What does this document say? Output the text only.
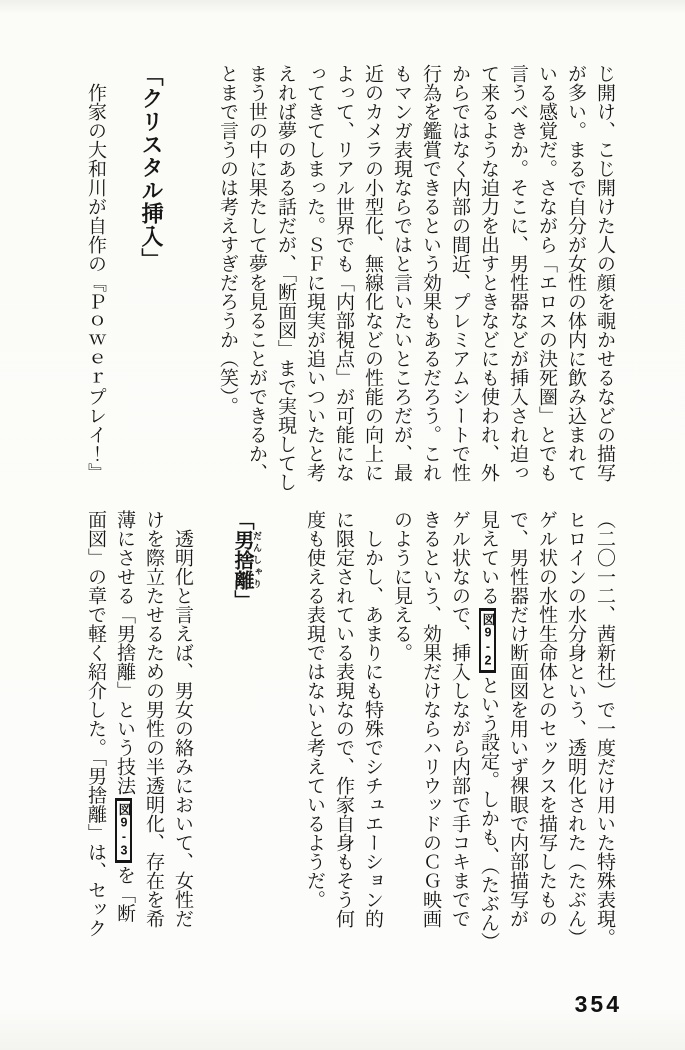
じ開け、こじ開けた人の顔を覗かせるなどの描写

が多い。まるで自分が女性の体内に飲み込まれて

いる感覚だ。さながら「エロスの決死圏」とでも

言うべきか。そこに、男性器などが挿入され迫っ

て来るような迫力を出すときなどにも使われ、外

からではなく内部の間近、プレミアムシートで性

行為を鑑賞できるという効果もあるだろう。これ

もマンガ表現ならではと言いたいところだが、最

近のカメラの小型化、無線化などの性能の向上に

よって、リアル世界でも「内部視点」が可能にな

ってきてしまった。ＳＦに現実が追いついたと考

えれば夢のある話だが、「断面図」まで実現してし

まう世の中に果たして夢を見ることができるか、

とまで言うのは考えすぎだろうか（笑）。

「クリスタル挿入」

作家の大和川が自作の『Ｐｏｗｅｒプレイ！』

（二〇一二、茜新社）で一度だけ用いた特殊表現。

ヒロインの水分身という、透明化された（たぶん）

ゲル状の水性生命体とのセックスを描写したもの

で、男性器だけ断面図を用いず裸眼で内部描写が

見えている図9-2という設定。しかも、（たぶん）

ゲル状なので、挿入しながら内部で手コキまでで

きるという、効果だけならハリウッドのＣＧ映画

のように見える。

しかし、あまりにも特殊でシチュエーション的

に限定されている表現なので、作家自身もそう何

度も使える表現ではないと考えているようだ。

「男捨離 だんしゃり」

透明化と言えば、男女の絡みにおいて、女性だ

けを際立たせるための男性の半透明化、存在を希

薄にさせる「男捨離」という技法図9-3を「断

面図」の章で軽く紹介した。「男捨離」は、セック

354
